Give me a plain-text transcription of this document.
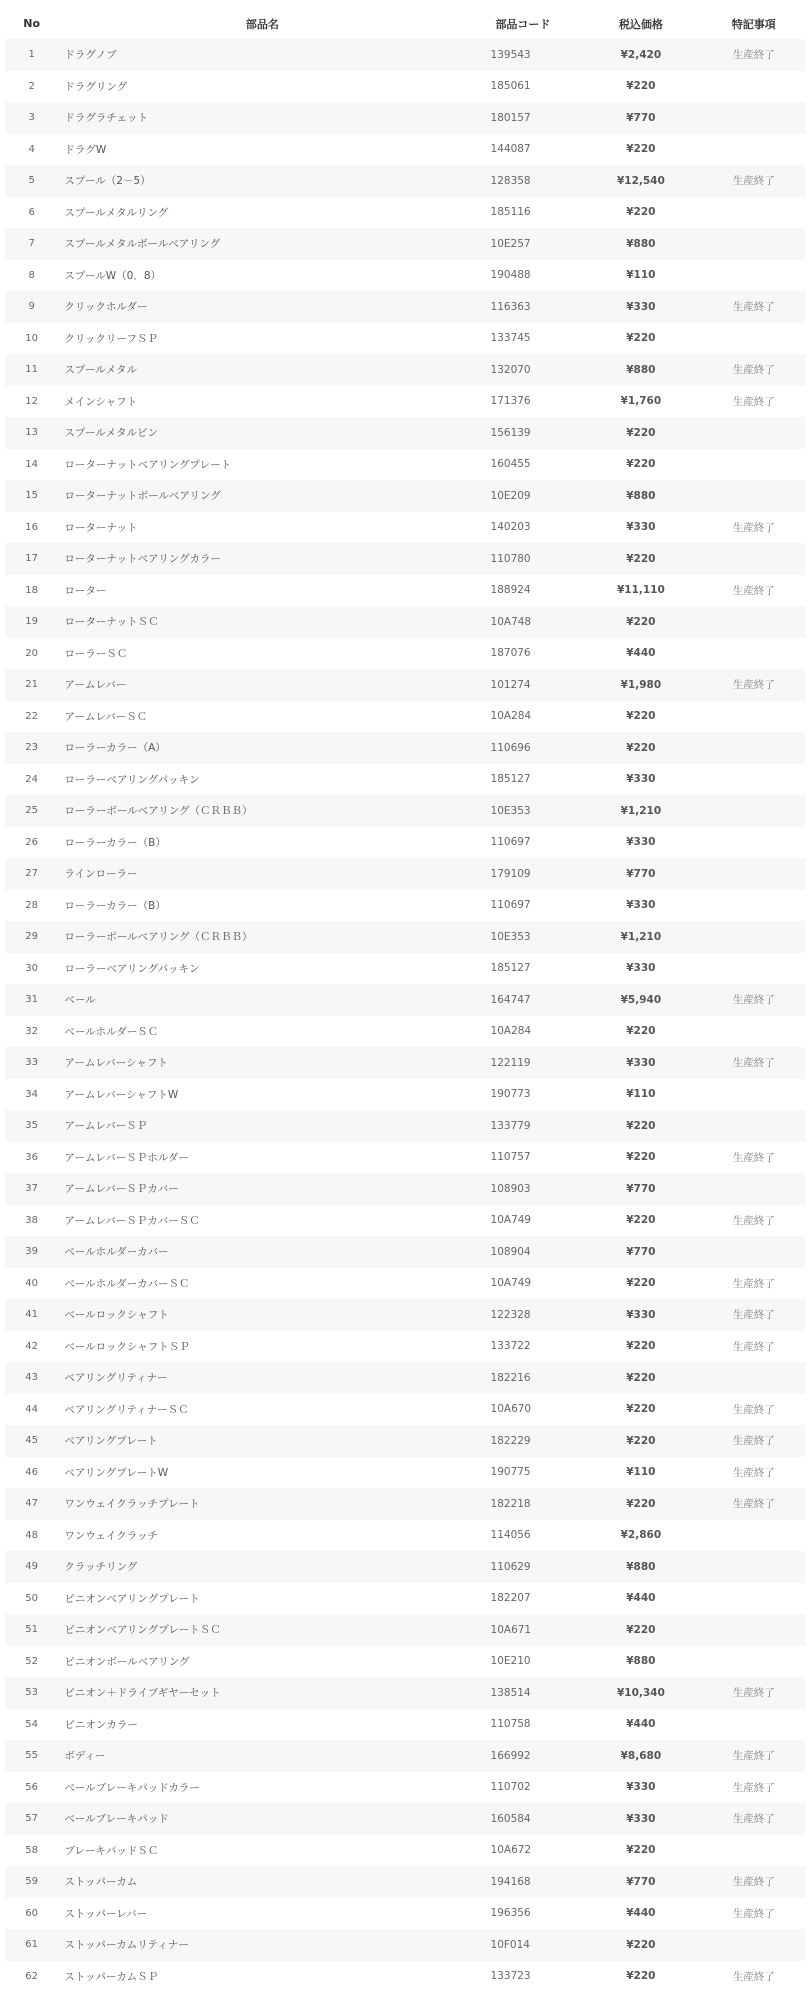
No	部品名	部品コード	税込価格	特記事項
1	ドラグノブ	139543	¥2,420	生産終了
2	ドラグリング	185061	¥220	
3	ドラグラチェット	180157	¥770	
4	ドラグW	144087	¥220	
5	スプール（2－5）	128358	¥12,540	生産終了
6	スプールメタルリング	185116	¥220	
7	スプールメタルボールベアリング	10E257	¥880	
8	スプールW（0．8）	190488	¥110	
9	クリックホルダー	116363	¥330	生産終了
10	クリックリーフＳＰ	133745	¥220	
11	スプールメタル	132070	¥880	生産終了
12	メインシャフト	171376	¥1,760	生産終了
13	スプールメタルピン	156139	¥220	
14	ローターナットベアリングプレート	160455	¥220	
15	ローターナットボールベアリング	10E209	¥880	
16	ローターナット	140203	¥330	生産終了
17	ローターナットベアリングカラー	110780	¥220	
18	ローター	188924	¥11,110	生産終了
19	ローターナットＳＣ	10A748	¥220	
20	ローラーＳＣ	187076	¥440	
21	アームレバー	101274	¥1,980	生産終了
22	アームレバーＳＣ	10A284	¥220	
23	ローラーカラー（A）	110696	¥220	
24	ローラーベアリングパッキン	185127	¥330	
25	ローラーボールベアリング（ＣＲＢＢ）	10E353	¥1,210	
26	ローラーカラー（B）	110697	¥330	
27	ラインローラー	179109	¥770	
28	ローラーカラー（B）	110697	¥330	
29	ローラーボールベアリング（ＣＲＢＢ）	10E353	¥1,210	
30	ローラーベアリングパッキン	185127	¥330	
31	ベール	164747	¥5,940	生産終了
32	ベールホルダーＳＣ	10A284	¥220	
33	アームレバーシャフト	122119	¥330	生産終了
34	アームレバーシャフトW	190773	¥110	
35	アームレバーＳＰ	133779	¥220	
36	アームレバーＳＰホルダー	110757	¥220	生産終了
37	アームレバーＳＰカバー	108903	¥770	
38	アームレバーＳＰカバーＳＣ	10A749	¥220	生産終了
39	ベールホルダーカバー	108904	¥770	
40	ベールホルダーカバーＳＣ	10A749	¥220	生産終了
41	ベールロックシャフト	122328	¥330	生産終了
42	ベールロックシャフトＳＰ	133722	¥220	生産終了
43	ベアリングリティナー	182216	¥220	
44	ベアリングリティナーＳＣ	10A670	¥220	生産終了
45	ベアリングプレート	182229	¥220	生産終了
46	ベアリングプレートW	190775	¥110	生産終了
47	ワンウェイクラッチプレート	182218	¥220	生産終了
48	ワンウェイクラッチ	114056	¥2,860	
49	クラッチリング	110629	¥880	
50	ピニオンベアリングプレート	182207	¥440	
51	ピニオンベアリングプレートＳＣ	10A671	¥220	
52	ピニオンボールベアリング	10E210	¥880	
53	ピニオン＋ドライブギヤーセット	138514	¥10,340	生産終了
54	ピニオンカラー	110758	¥440	
55	ボディー	166992	¥8,680	生産終了
56	ベールブレーキパッドカラー	110702	¥330	生産終了
57	ベールブレーキパッド	160584	¥330	生産終了
58	ブレーキパッドＳＣ	10A672	¥220	
59	ストッパーカム	194168	¥770	生産終了
60	ストッパーレバー	196356	¥440	生産終了
61	ストッパーカムリティナー	10F014	¥220	
62	ストッパーカムＳＰ	133723	¥220	生産終了
